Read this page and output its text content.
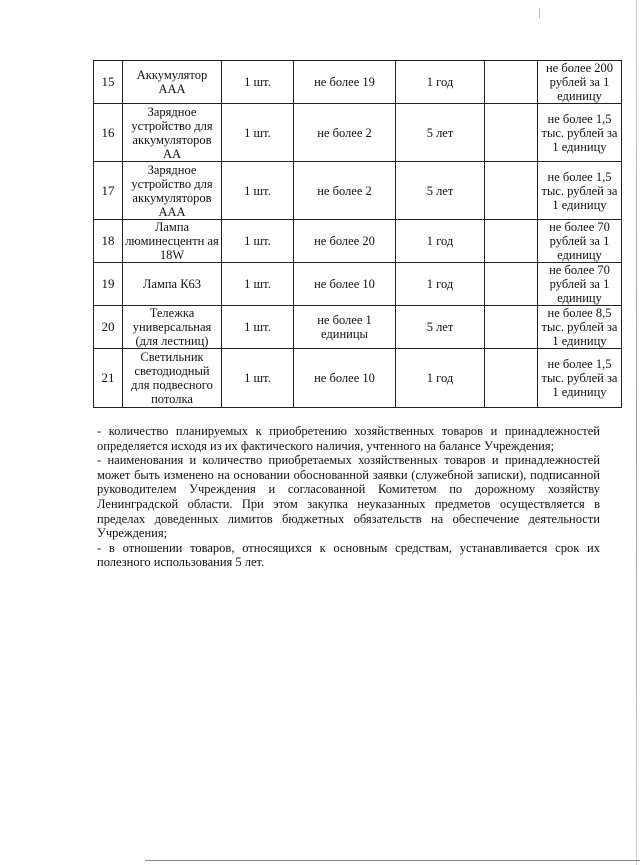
15	Аккумулятор ААА	1 шт.	не более 19	1 год		не более 200 рублей за 1 единицу
16	Зарядное устройство для аккумуляторов АА	1 шт.	не более 2	5 лет		не более 1,5 тыс. рублей за 1 единицу
17	Зарядное устройство для аккумуляторов ААА	1 шт.	не более 2	5 лет		не более 1,5 тыс. рублей за 1 единицу
18	Лампа люминесцентн ая 18W	1 шт.	не более 20	1 год		не более 70 рублей за 1 единицу
19	Лампа К63	1 шт.	не более 10	1 год		не более 70 рублей за 1 единицу
20	Тележка универсальная (для лестниц)	1 шт.	не более 1 единицы	5 лет		не более 8,5 тыс. рублей за 1 единицу
21	Светильник светодиодный для подвесного потолка	1 шт.	не более 10	1 год		не более 1,5 тыс. рублей за 1 единицу

- количество планируемых к приобретению хозяйственных товаров и принадлежностей определяется исходя из их фактического наличия, учтенного на балансе Учреждения;

- наименования и количество приобретаемых хозяйственных товаров и принадлежностей может быть изменено на основании обоснованной заявки (служебной записки), подписанной руководителем Учреждения и согласованной Комитетом по дорожному хозяйству Ленинградской области. При этом закупка неуказанных предметов осуществляется в пределах доведенных лимитов бюджетных обязательств на обеспечение деятельности Учреждения;

- в отношении товаров, относящихся к основным средствам, устанавливается срок их полезного использования 5 лет.
